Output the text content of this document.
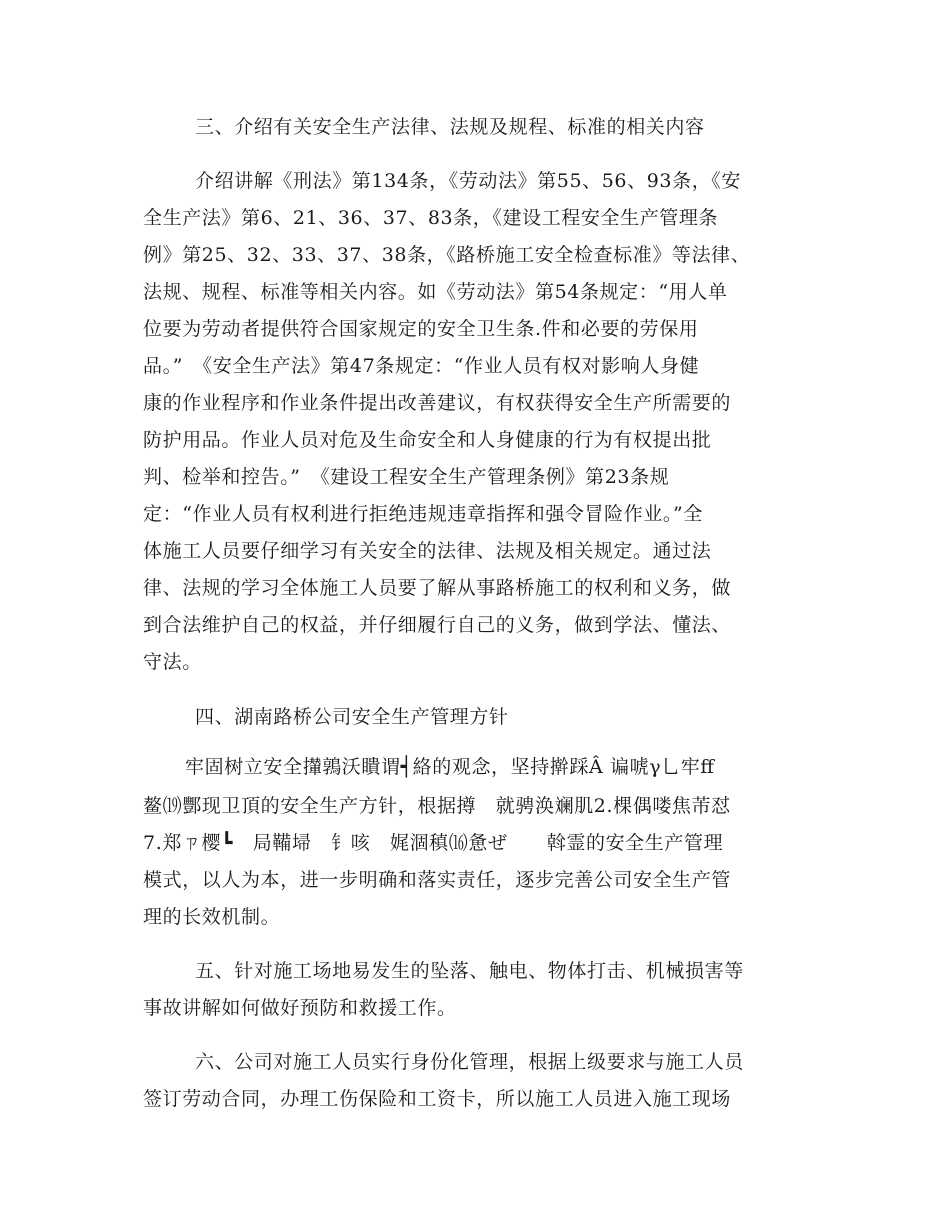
三、介绍有关安全生产法律、法规及规程、标准的相关内容
介绍讲解《刑法》第134条，《劳动法》第55、56、93条，《安
全生产法》第6、21、36、37、83条，《建设工程安全生产管理条
例》第25、32、33、37、38条，《路桥施工安全检查标准》等法律、
法规、规程、标准等相关内容。如《劳动法》第54条规定：“用人单
位要为劳动者提供符合国家规定的安全卫生条.件和必要的劳保用
品。”　《安全生产法》第47条规定：“作业人员有权对影响人身健
康的作业程序和作业条件提出改善建议，有权获得安全生产所需要的
防护用品。作业人员对危及生命安全和人身健康的行为有权提出批
判、检举和控告。”　《建设工程安全生产管理条例》第23条规
定：“作业人员有权利进行拒绝违规违章指挥和强令冒险作业。”全
体施工人员要仔细学习有关安全的法律、法规及相关规定。通过法
律、法规的学习全体施工人员要了解从事路桥施工的权利和义务，做
到合法维护自己的权益，并仔细履行自己的义务，做到学法、懂法、
守法。
四、湖南路桥公司安全生产管理方针
牢固树立安全攆鶉沃瞶谓┥絡的观念，坚持擀踩Â 谝唬γ乚牢ﬀ
鳌⒆酆现卫頂的安全生产方针，根据撙　就骋涣斓肌2.棵偶喽焦芾怼
7.郑ㄗ樱┗　局鞴埽　钅咳　娓涸稹⒃惫ぜ　　斡霊的安全生产管理
模式，以人为本，进一步明确和落实责任，逐步完善公司安全生产管
理的长效机制。
五、针对施工场地易发生的坠落、触电、物体打击、机械损害等
事故讲解如何做好预防和救援工作。
六、公司对施工人员实行身份化管理，根据上级要求与施工人员
签订劳动合同，办理工伤保险和工资卡，所以施工人员进入施工现场
